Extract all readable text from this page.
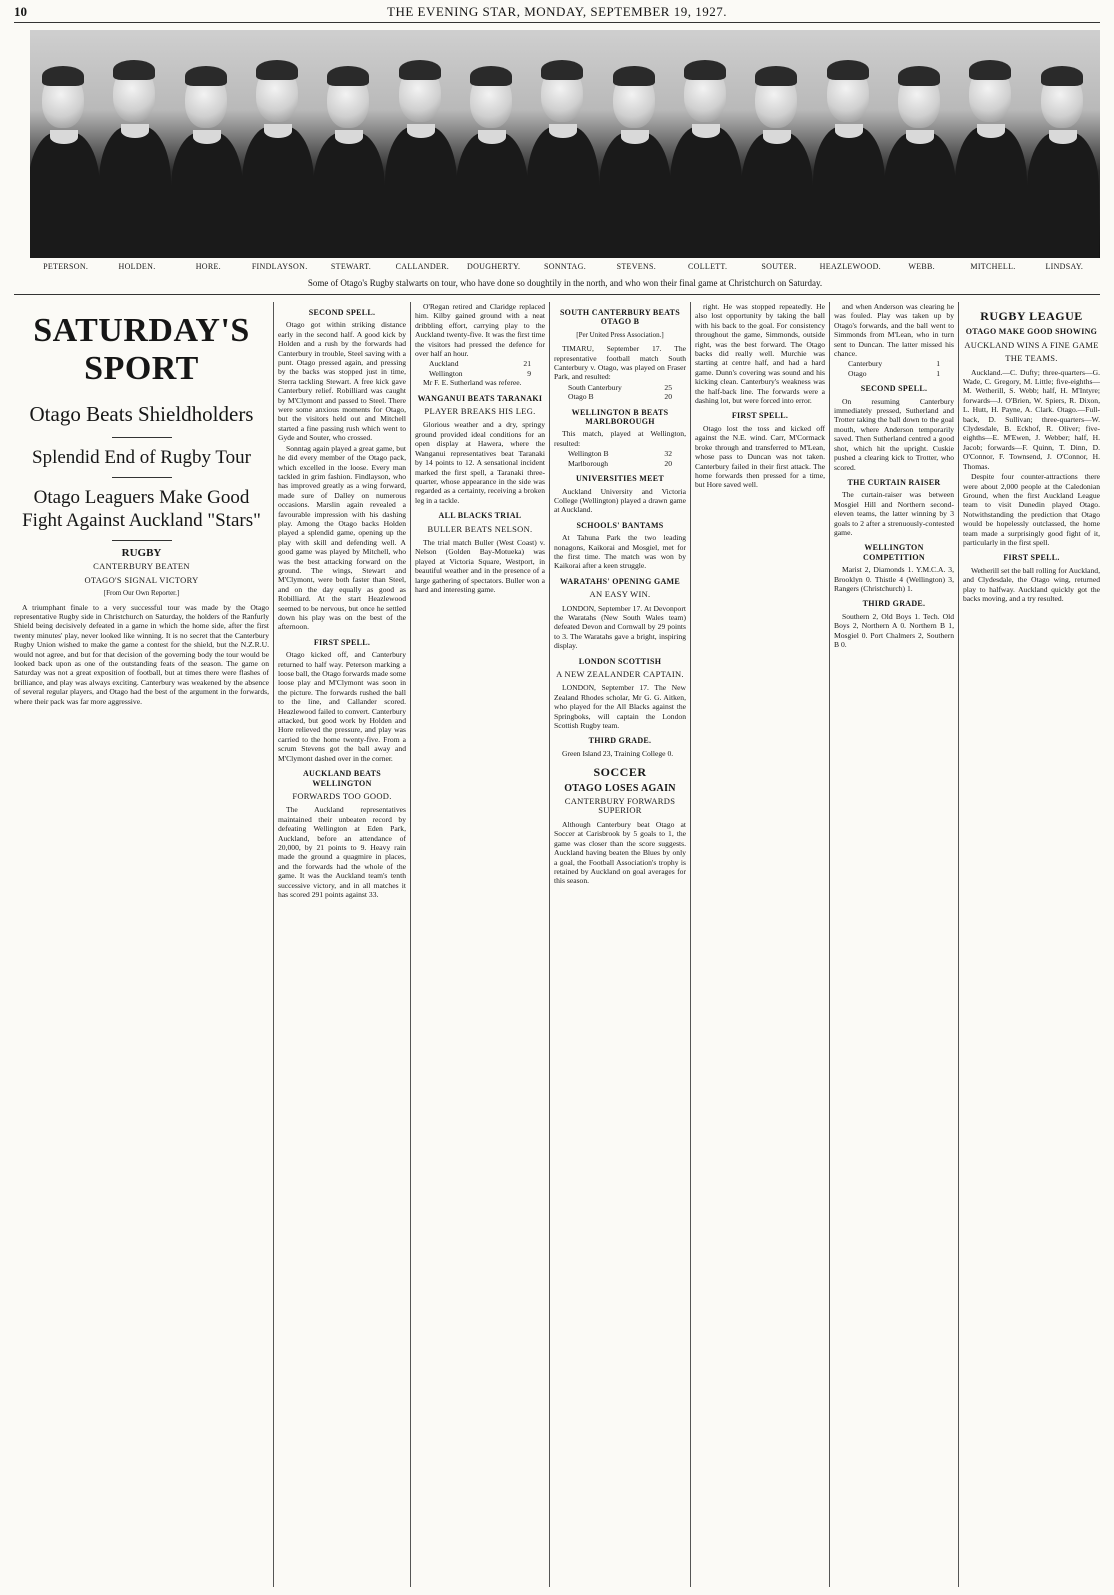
10	THE EVENING STAR, MONDAY, SEPTEMBER 19, 1927.
PETERSON.	HOLDEN.	HORE.	FINDLAYSON.	STEWART.	CALLANDER. DOUGHERTY.	SONNTAG.	STEVENS.	COLLETT.	SOUTER.	HEAZLEWOOD.	WEBB.	MITCHELL.	LINDSAY.
Some of Otago's Rugby stalwarts on tour, who have done so doughtily in the north, and who won their final game at Christchurch on Saturday.
SATURDAY'S SPORT
Otago Beats Shieldholders
Splendid End of Rugby Tour
Otago Leaguers Make Good Fight Against Auckland "Stars"
RUGBY
CANTERBURY BEATEN
OTAGO'S SIGNAL VICTORY
[From Our Own Reporter.]

A triumphant finale to a very successful tour was made by the Otago representative Rugby side in Christchurch on Saturday, the holders of the Ranfurly Shield being decisively defeated in a game in which the home side, after the first twenty minutes' play, never looked like winning. It is no secret that the Canterbury Rugby Union wished to make the game a contest for the shield, but the N.Z.R.U. would not agree, and but for that decision of the governing body the tour would be looked back upon as one of the outstanding feats of the season. The game on Saturday was not a great exposition of football, but at times there were flashes of brilliance, and play was always exciting. Canterbury was weakened by the absence of several regular players, and Otago had the best of the argument in the forwards, where their pack was far more aggressive.

SECOND SPELL.

Otago got within striking distance early in the second half. A good kick by Holden and a rush by the forwards had Canterbury in trouble, Steel saving with a punt. Otago pressed again, and pressing by the backs was stopped just in time, Sterra tackling Stewart. A free kick gave Canterbury relief. Robilliard was caught by M'Clymont and passed to Steel. There were some anxious moments for Otago, but the visitors held out and Mitchell started a fine passing rush which went to Gyde and Souter, who crossed.

Sonntag again played a great game, but he did every member of the Otago pack, which excelled in the loose. Every man tackled in grim fashion. Findlayson, who has improved greatly as a wing forward, made sure of Dalley on numerous occasions. Marslin again revealed a favourable impression with his dashing play. Among the Otago backs Holden played a splendid game, opening up the play with skill and defending well. A good game was played by Mitchell, who was the best attacking forward on the ground. The wings, Stewart and M'Clymont, were both faster than Steel, and on the day equally as good as Robilliard. At the start Heazlewood seemed to be nervous, but once he settled down his play was on the best of the afternoon.

FIRST SPELL.

Otago kicked off, and Canterbury returned to half way. Peterson marking a loose ball, the Otago forwards made some loose play and M'Clymont was soon in the picture. The forwards rushed the ball to the line, and Callander scored. Heazlewood failed to convert. Canterbury attacked, but good work by Holden and Hore relieved the pressure, and play was carried to the home twenty-five. From a scrum Stevens got the ball away and M'Clymont dashed over in the corner.

AUCKLAND BEATS WELLINGTON
FORWARDS TOO GOOD.

The Auckland representatives maintained their unbeaten record by defeating Wellington at Eden Park, Auckland, before an attendance of 20,000, by 21 points to 9. Heavy rain made the ground a quagmire in places, and the forwards had the whole of the game. It was the Auckland team's tenth successive victory, and in all matches it has scored 291 points against 33.

O'Regan retired and Claridge replaced him. Kilby gained ground with a neat dribbling effort, carrying play to the Auckland twenty-five. It was the first time the visitors had pressed the defence for over half an hour.

Auckland	21
Wellington	9

Mr F. E. Sutherland was referee.

WANGANUI BEATS TARANAKI
PLAYER BREAKS HIS LEG.

Glorious weather and a dry, springy ground provided ideal conditions for an open display at Hawera, where the Wanganui representatives beat Taranaki by 14 points to 12. A sensational incident marked the first spell, a Taranaki three-quarter, whose appearance in the side was regarded as a certainty, receiving a broken leg in a tackle.

ALL BLACKS TRIAL
BULLER BEATS NELSON.

The trial match Buller (West Coast) v. Nelson (Golden Bay-Motueka) was played at Victoria Square, Westport, in beautiful weather and in the presence of a large gathering of spectators. Buller won a hard and interesting game.

SOUTH CANTERBURY BEATS OTAGO B
[Per United Press Association.]

TIMARU, September 17. The representative football match South Canterbury v. Otago, was played on Fraser Park, and resulted:

South Canterbury	25
Otago B	20
WELLINGTON B BEATS MARLBOROUGH

This match, played at Wellington, resulted:

Wellington B	32
Marlborough	20
UNIVERSITIES MEET

Auckland University and Victoria College (Wellington) played a drawn game at Auckland.

SCHOOLS' BANTAMS

At Tahuna Park the two leading nonagons, Kaikorai and Mosgiel, met for the first time. The match was won by Kaikorai after a keen struggle.

WARATAHS' OPENING GAME
AN EASY WIN.

LONDON, September 17. At Devonport the Waratahs (New South Wales team) defeated Devon and Cornwall by 29 points to 3. The Waratahs gave a bright, inspiring display.

LONDON SCOTTISH
A NEW ZEALANDER CAPTAIN.

LONDON, September 17. The New Zealand Rhodes scholar, Mr G. G. Aitken, who played for the All Blacks against the Springboks, will captain the London Scottish Rugby team.

THIRD GRADE.

Green Island 23, Training College 0.

SOCCER
OTAGO LOSES AGAIN
CANTERBURY FORWARDS SUPERIOR

Although Canterbury beat Otago at Soccer at Carisbrook by 5 goals to 1, the game was closer than the score suggests. Auckland having beaten the Blues by only a goal, the Football Association's trophy is retained by Auckland on goal averages for this season.

right. He was stopped repeatedly. He also lost opportunity by taking the ball with his back to the goal. For consistency throughout the game, Simmonds, outside right, was the best forward. The Otago backs did really well. Murchie was starting at centre half, and had a hard game. Dunn's covering was sound and his kicking clean. Canterbury's weakness was the half-back line. The forwards were a dashing lot, but were forced into error.

FIRST SPELL.

Otago lost the toss and kicked off against the N.E. wind. Carr, M'Cormack broke through and transferred to M'Lean, whose pass to Duncan was not taken. Canterbury failed in their first attack. The home forwards then pressed for a time, but Hore saved well.

and when Anderson was clearing he was fouled. Play was taken up by Otago's forwards, and the ball went to Simmonds from M'Lean, who in turn sent to Duncan. The latter missed his chance.

Canterbury	1
Otago	1
SECOND SPELL.

On resuming Canterbury immediately pressed, Sutherland and Trotter taking the ball down to the goal mouth, where Anderson temporarily saved. Then Sutherland centred a good shot, which hit the upright. Cuskie pushed a clearing kick to Trotter, who scored.

THE CURTAIN RAISER

The curtain-raiser was between Mosgiel Hill and Northern second-eleven teams, the latter winning by 3 goals to 2 after a strenuously-contested game.

WELLINGTON COMPETITION

Marist 2, Diamonds 1. Y.M.C.A. 3, Brooklyn 0. Thistle 4 (Wellington) 3, Rangers (Christchurch) 1.

THIRD GRADE.

Southern 2, Old Boys 1. Tech. Old Boys 2, Northern A 0. Northern B 1, Mosgiel 0. Port Chalmers 2, Southern B 0.

RUGBY LEAGUE
OTAGO MAKE GOOD SHOWING
AUCKLAND WINS A FINE GAME
THE TEAMS.

Auckland.—C. Dufty; three-quarters—G. Wade, C. Gregory, M. Little; five-eighths—M. Wetherill, S. Webb; half, H. M'Intyre; forwards—J. O'Brien, W. Spiers, R. Dixon, L. Hutt, H. Payne, A. Clark. Otago.—Full-back, D. Sullivan; three-quarters—W. Clydesdale, B. Eckhof, R. Oliver; five-eighths—E. M'Ewen, J. Webber; half, H. Jacob; forwards—F. Quinn, T. Dinn, D. O'Connor, F. Townsend, J. O'Connor, H. Thomas.

Despite four counter-attractions there were about 2,000 people at the Caledonian Ground, when the first Auckland League team to visit Dunedin played Otago. Notwithstanding the prediction that Otago would be hopelessly outclassed, the home team made a surprisingly good fight of it, particularly in the first spell.

FIRST SPELL.

Wetherill set the ball rolling for Auckland, and Clydesdale, the Otago wing, returned play to halfway. Auckland quickly got the backs moving, and a try resulted.
